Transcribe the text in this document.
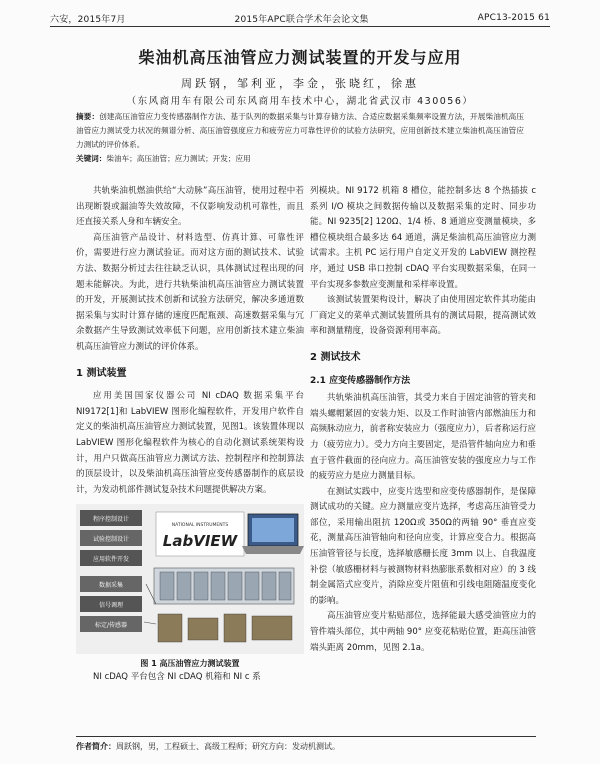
六安，2015年7月	2015年APC联合学术年会论文集	APC13-2015 61
柴油机高压油管应力测试装置的开发与应用
周跃钢，邹利亚，李金，张晓红，徐惠
（东风商用车有限公司东风商用车技术中心，湖北省武汉市 430056）
摘要：创建高压油管应力变传感器制作方法、基于队列的数据采集与计算存储方法、合适应数据采集频率设置方法，开展柴油机高压油管应力测试受力状况的频谱分析、高压油管强度应力和疲劳应力可靠性评价的试验方法研究，应用创新技术建立柴油机高压油管应力测试的评价体系。
关键词：柴油车；高压油管；应力测试；开发；应用

共轨柴油机燃油供给“大动脉”高压油管，使用过程中若出现断裂或漏油等失效故障，不仅影响发动机可靠性，而且还直接关系人身和车辆安全。

高压油管产品设计、材料选型、仿真计算、可靠性评价，需要进行应力测试验证。而对这方面的测试技术、试验方法、数据分析过去往往缺乏认识，具体测试过程出现的问题未能解决。为此，进行共轨柴油机高压油管应力测试装置的开发，开展测试技术创新和试验方法研究，解决多通道数据采集与实时计算存储的速度匹配瓶颈、高速数据采集与冗余数据产生导致测试效率低下问题，应用创新技术建立柴油机高压油管应力测试的评价体系。

1 测试装置

应用美国国家仪器公司 NI cDAQ 数据采集平台 NI9172[1]和 LabVIEW 图形化编程软件，开发用户软件自定义的柴油机高压油管应力测试装置，见图1。该装置体现以 LabVIEW 图形化编程软件为核心的自动化测试系统架构设计，用户只做高压油管应力测试方法、控制程序和控制算法的顶层设计，以及柴油机高压油管应变传感器制作的底层设计，为发动机部件测试复杂技术问题提供解决方案。

程序控制设计
试验控制设计
应用软件开发
数据采集
信号调理
标定/传感器
NATIONAL INSTRUMENTS
LabVIEW
图 1 高压油管应力测试装置

NI cDAQ 平台包含 NI cDAQ 机箱和 NI c 系

列模块。NI 9172 机箱 8 槽位，能控制多达 8 个热插拔 c 系列 I/O 模块之间数据传输以及数据采集的定时、同步功能。NI 9235[2] 120Ω、1/4 桥、8 通道应变测量模块，多槽位模块组合最多达 64 通道，满足柴油机高压油管应力测试需求。主机 PC 运行用户自定义开发的 LabVIEW 测控程序，通过 USB 串口控制 cDAQ 平台实现数据采集，在同一平台实现多参数应变测量和采样率设置。

该测试装置架构设计，解决了由使用固定软件其功能由厂商定义的菜单式测试装置所具有的测试局限，提高测试效率和测量精度，设备资源利用率高。

2 测试技术
2.1 应变传感器制作方法

共轨柴油机高压油管，其受力来自于固定油管的管夹和端头螺帽紧固的安装力矩、以及工作时油管内部燃油压力和高频脉动应力，前者称安装应力（强度应力），后者称运行应力（疲劳应力）。受力方向主要固定，是沿管件轴向应力和垂直于管件截面的径向应力。高压油管安装的强度应力与工作的疲劳应力是应力测量目标。

在测试实践中，应变片选型和应变传感器制作，是保障测试成功的关键。应力测量应变片选择，考虑高压油管受力部位，采用输出阻抗 120Ω或 350Ω的两轴 90° 垂直应变花，测量高压油管轴向和径向应变，计算应变合力。根据高压油管管径与长度，选择敏感栅长度 3mm 以上、自我温度补偿（敏感栅材料与被测物材料热膨胀系数相对应）的 3 线制金属箔式应变片，消除应变片阻值和引线电阻随温度变化的影响。

高压油管应变片粘贴部位，选择能最大感受油管应力的管件端头部位，其中两轴 90° 应变花粘贴位置，距高压油管端头距离 20mm，见图 2.1a。

作者简介：周跃钢，男，工程硕士、高级工程师；研究方向：发动机测试。
